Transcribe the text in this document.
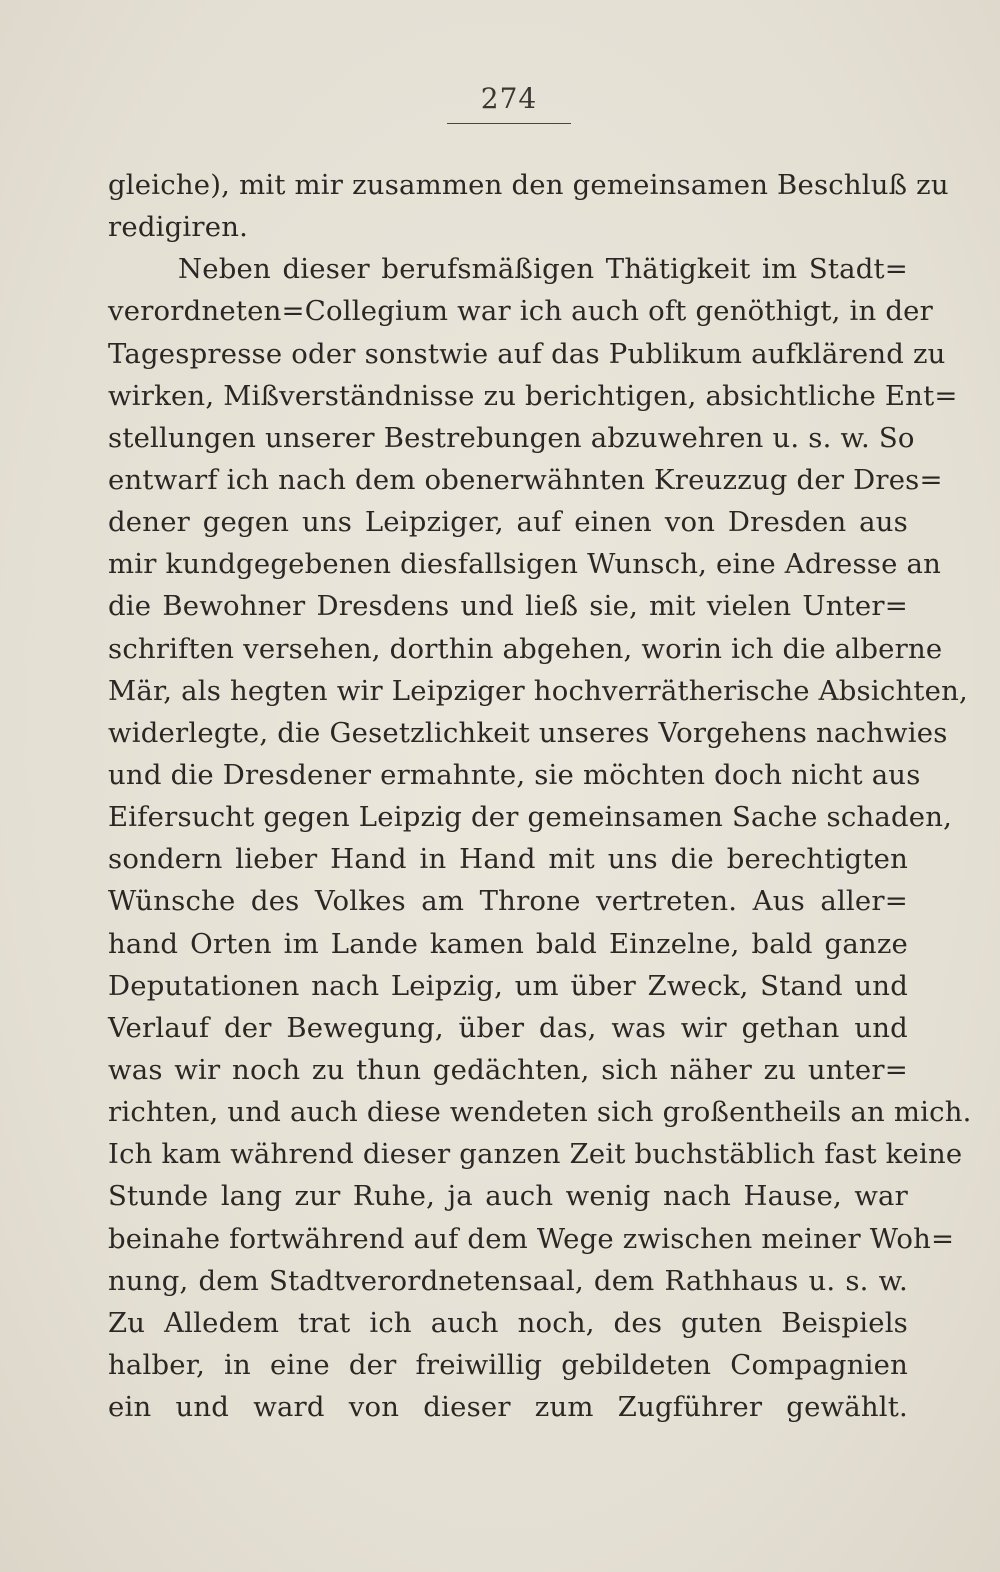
274
gleiche), mit mir zusammen den gemeinsamen Beschluß zu
redigiren.
Neben dieser berufsmäßigen Thätigkeit im Stadt=
verordneten=Collegium war ich auch oft genöthigt, in der
Tagespresse oder sonstwie auf das Publikum aufklärend zu
wirken, Mißverständnisse zu berichtigen, absichtliche Ent=
stellungen unserer Bestrebungen abzuwehren u. s. w. So
entwarf ich nach dem obenerwähnten Kreuzzug der Dres=
dener gegen uns Leipziger, auf einen von Dresden aus
mir kundgegebenen diesfallsigen Wunsch, eine Adresse an
die Bewohner Dresdens und ließ sie, mit vielen Unter=
schriften versehen, dorthin abgehen, worin ich die alberne
Mär, als hegten wir Leipziger hochverrätherische Absichten,
widerlegte, die Gesetzlichkeit unseres Vorgehens nachwies
und die Dresdener ermahnte, sie möchten doch nicht aus
Eifersucht gegen Leipzig der gemeinsamen Sache schaden,
sondern lieber Hand in Hand mit uns die berechtigten
Wünsche des Volkes am Throne vertreten. Aus aller=
hand Orten im Lande kamen bald Einzelne, bald ganze
Deputationen nach Leipzig, um über Zweck, Stand und
Verlauf der Bewegung, über das, was wir gethan und
was wir noch zu thun gedächten, sich näher zu unter=
richten, und auch diese wendeten sich großentheils an mich.
Ich kam während dieser ganzen Zeit buchstäblich fast keine
Stunde lang zur Ruhe, ja auch wenig nach Hause, war
beinahe fortwährend auf dem Wege zwischen meiner Woh=
nung, dem Stadtverordnetensaal, dem Rathhaus u. s. w.
Zu Alledem trat ich auch noch, des guten Beispiels
halber, in eine der freiwillig gebildeten Compagnien
ein und ward von dieser zum Zugführer gewählt.
